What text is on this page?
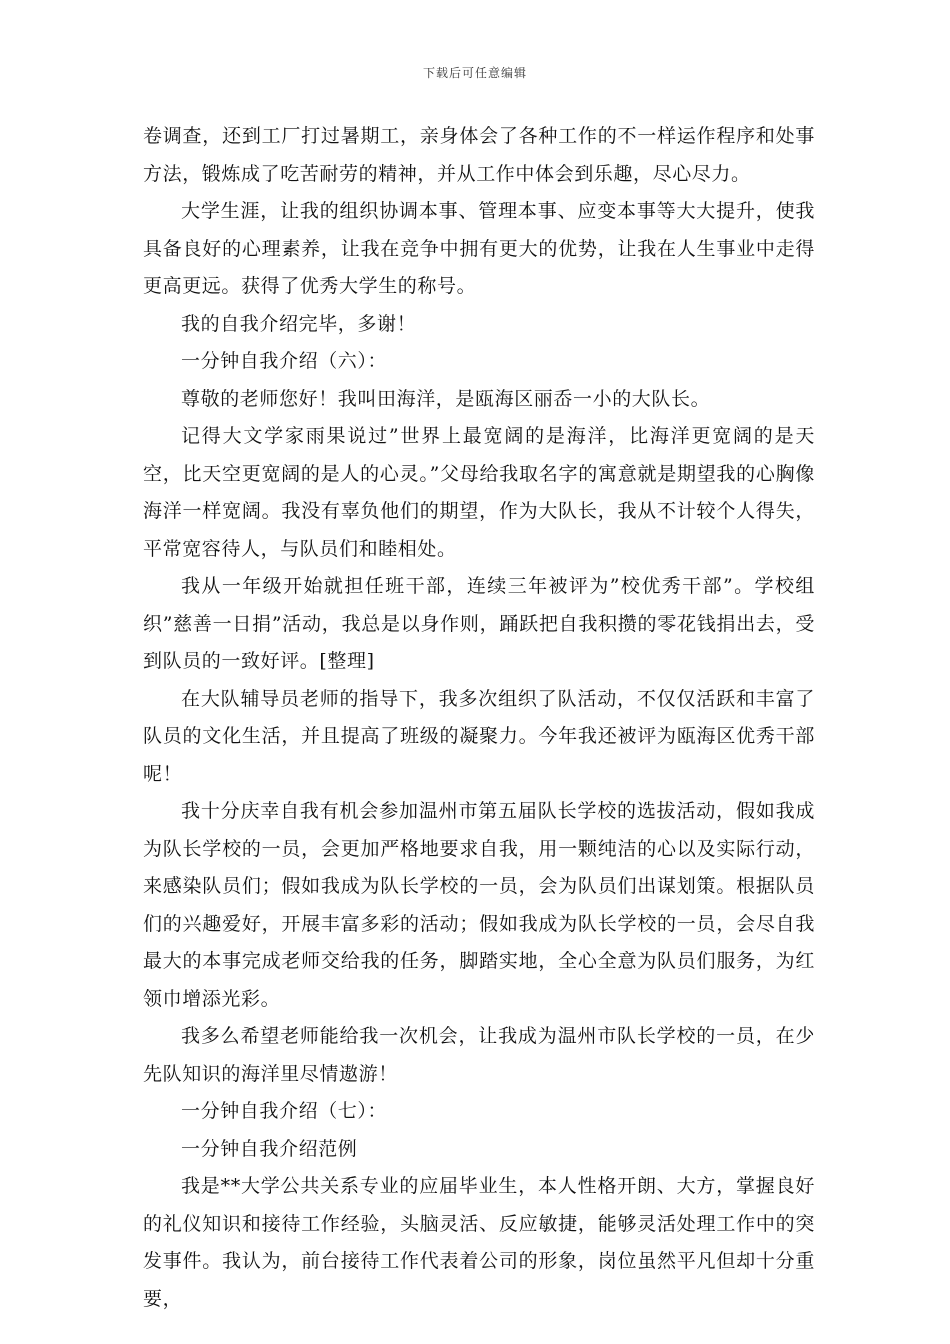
下载后可任意编辑

卷调查，还到工厂打过暑期工，亲身体会了各种工作的不一样运作程序和处事方法，锻炼成了吃苦耐劳的精神，并从工作中体会到乐趣，尽心尽力。

大学生涯，让我的组织协调本事、管理本事、应变本事等大大提升，使我具备良好的心理素养，让我在竞争中拥有更大的优势，让我在人生事业中走得更高更远。获得了优秀大学生的称号。

我的自我介绍完毕，多谢！

一分钟自我介绍（六）：

尊敬的老师您好！我叫田海洋，是瓯海区丽岙一小的大队长。

记得大文学家雨果说过”世界上最宽阔的是海洋，比海洋更宽阔的是天空，比天空更宽阔的是人的心灵。”父母给我取名字的寓意就是期望我的心胸像海洋一样宽阔。我没有辜负他们的期望，作为大队长，我从不计较个人得失，平常宽容待人，与队员们和睦相处。

我从一年级开始就担任班干部，连续三年被评为”校优秀干部”。学校组织”慈善一日捐”活动，我总是以身作则，踊跃把自我积攒的零花钱捐出去，受到队员的一致好评。[整理]

在大队辅导员老师的指导下，我多次组织了队活动，不仅仅活跃和丰富了队员的文化生活，并且提高了班级的凝聚力。今年我还被评为瓯海区优秀干部呢！

我十分庆幸自我有机会参加温州市第五届队长学校的选拔活动，假如我成为队长学校的一员，会更加严格地要求自我，用一颗纯洁的心以及实际行动，来感染队员们；假如我成为队长学校的一员，会为队员们出谋划策。根据队员们的兴趣爱好，开展丰富多彩的活动；假如我成为队长学校的一员，会尽自我最大的本事完成老师交给我的任务，脚踏实地，全心全意为队员们服务，为红领巾增添光彩。

我多么希望老师能给我一次机会，让我成为温州市队长学校的一员，在少先队知识的海洋里尽情遨游！

一分钟自我介绍（七）：

一分钟自我介绍范例

我是**大学公共关系专业的应届毕业生，本人性格开朗、大方，掌握良好的礼仪知识和接待工作经验，头脑灵活、反应敏捷，能够灵活处理工作中的突发事件。我认为，前台接待工作代表着公司的形象，岗位虽然平凡但却十分重要，
